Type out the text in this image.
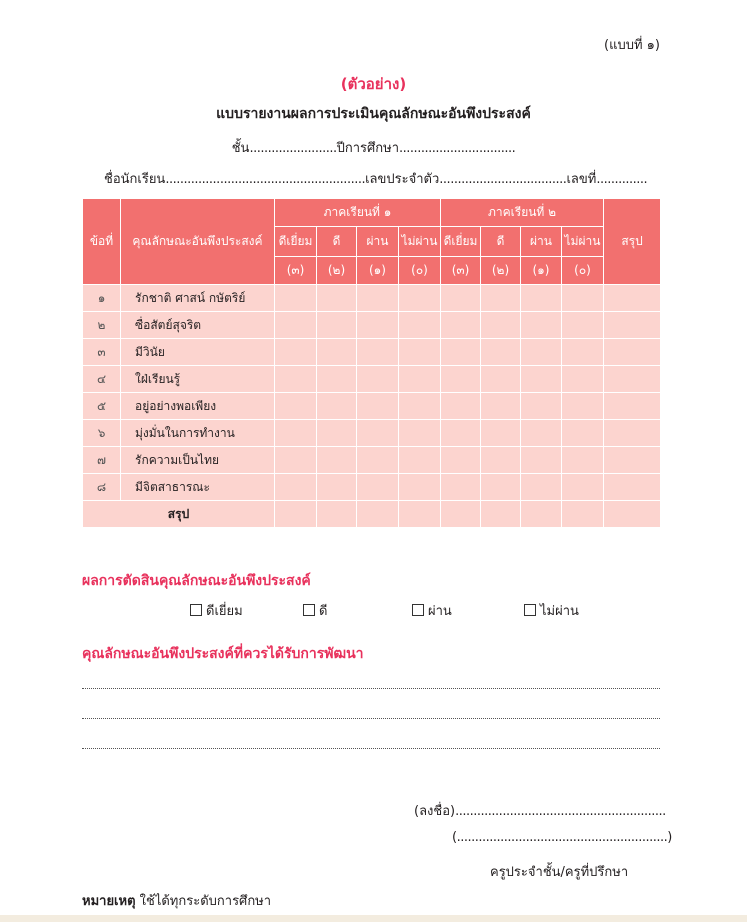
(แบบที่ ๑)
(ตัวอย่าง)
แบบรายงานผลการประเมินคุณลักษณะอันพึงประสงค์
ชั้น........................ปีการศึกษา................................
ชื่อนักเรียน.......................................................เลขประจำตัว...................................เลขที่..............
ข้อที่	คุณลักษณะอันพึงประสงค์	ภาคเรียนที่ ๑				ภาคเรียนที่ ๒				สรุป
		ดีเยี่ยม	ดี	ผ่าน	ไม่ผ่าน	ดีเยี่ยม	ดี	ผ่าน	ไม่ผ่าน	
		(๓)	(๒)	(๑)	(๐)	(๓)	(๒)	(๑)	(๐)	
๑	รักชาติ ศาสน์ กษัตริย์									
๒	ซื่อสัตย์สุจริต									
๓	มีวินัย									
๔	ใฝ่เรียนรู้									
๕	อยู่อย่างพอเพียง									
๖	มุ่งมั่นในการทำงาน									
๗	รักความเป็นไทย									
๘	มีจิตสาธารณะ									
สรุป										
ผลการตัดสินคุณลักษณะอันพึงประสงค์
ดีเยี่ยม	ดี	ผ่าน	ไม่ผ่าน
คุณลักษณะอันพึงประสงค์ที่ควรได้รับการพัฒนา
(ลงชื่อ)..........................................................
(..........................................................)
ครูประจำชั้น/ครูที่ปรึกษา
หมายเหตุ ใช้ได้ทุกระดับการศึกษา
